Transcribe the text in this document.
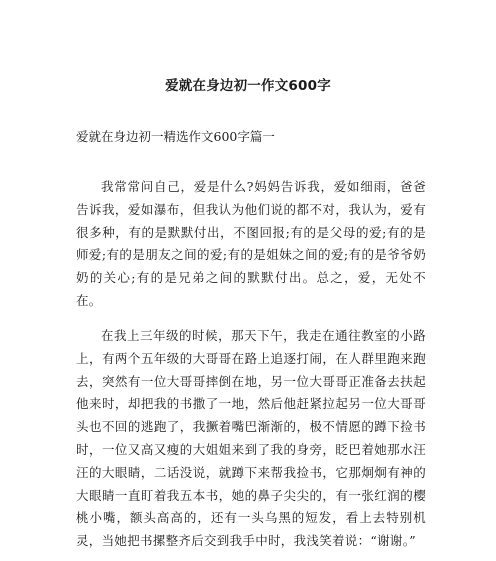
爱就在身边初一作文600字
爱就在身边初一精选作文600字篇一

我常常问自己，爱是什么?妈妈告诉我，爱如细雨，爸爸告诉我，爱如瀑布，但我认为他们说的都不对，我认为，爱有很多种，有的是默默付出，不图回报;有的是父母的爱;有的是师爱;有的是朋友之间的爱;有的是姐妹之间的爱;有的是爷爷奶奶的关心;有的是兄弟之间的默默付出。总之，爱，无处不在。

在我上三年级的时候，那天下午，我走在通往教室的小路上，有两个五年级的大哥哥在路上追逐打闹，在人群里跑来跑去，突然有一位大哥哥摔倒在地，另一位大哥哥正准备去扶起他来时，却把我的书撒了一地，然后他赶紧拉起另一位大哥哥头也不回的逃跑了，我撅着嘴巴渐渐的，极不情愿的蹲下捡书时，一位又高又瘦的大姐姐来到了我的身旁，眨巴着她那水汪汪的大眼睛，二话没说，就蹲下来帮我捡书，它那炯炯有神的大眼睛一直盯着我五本书，她的鼻子尖尖的，有一张红润的樱桃小嘴，额头高高的，还有一头乌黑的短发，看上去特别机灵，当她把书摞整齐后交到我手中时，我浅笑着说：“谢谢。”
